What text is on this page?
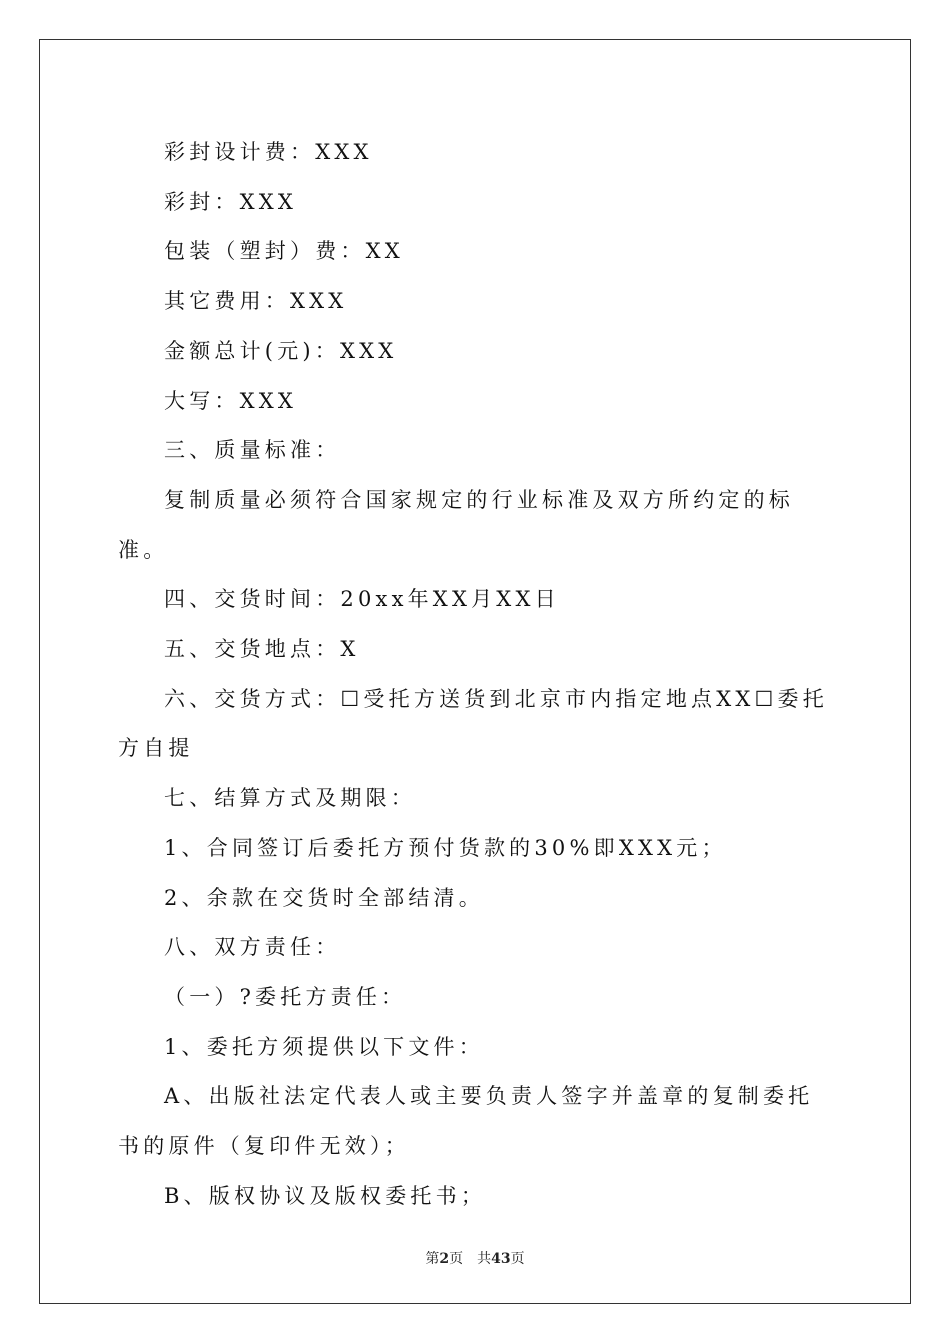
彩封设计费：XXX

彩封：XXX

包装（塑封）费：XX

其它费用：XXX

金额总计(元)：XXX

大写：XXX

三、质量标准：

复制质量必须符合国家规定的行业标准及双方所约定的标准。

四、交货时间：20xx年XX月XX日

五、交货地点：X

六、交货方式：☐受托方送货到北京市内指定地点XX☐委托方自提

七、结算方式及期限：

1、合同签订后委托方预付货款的30%即XXX元；

2、余款在交货时全部结清。

八、双方责任：

（一）?委托方责任：

1、委托方须提供以下文件：

A、出版社法定代表人或主要负责人签字并盖章的复制委托书的原件（复印件无效）；

B、版权协议及版权委托书；

第2页 共43页
